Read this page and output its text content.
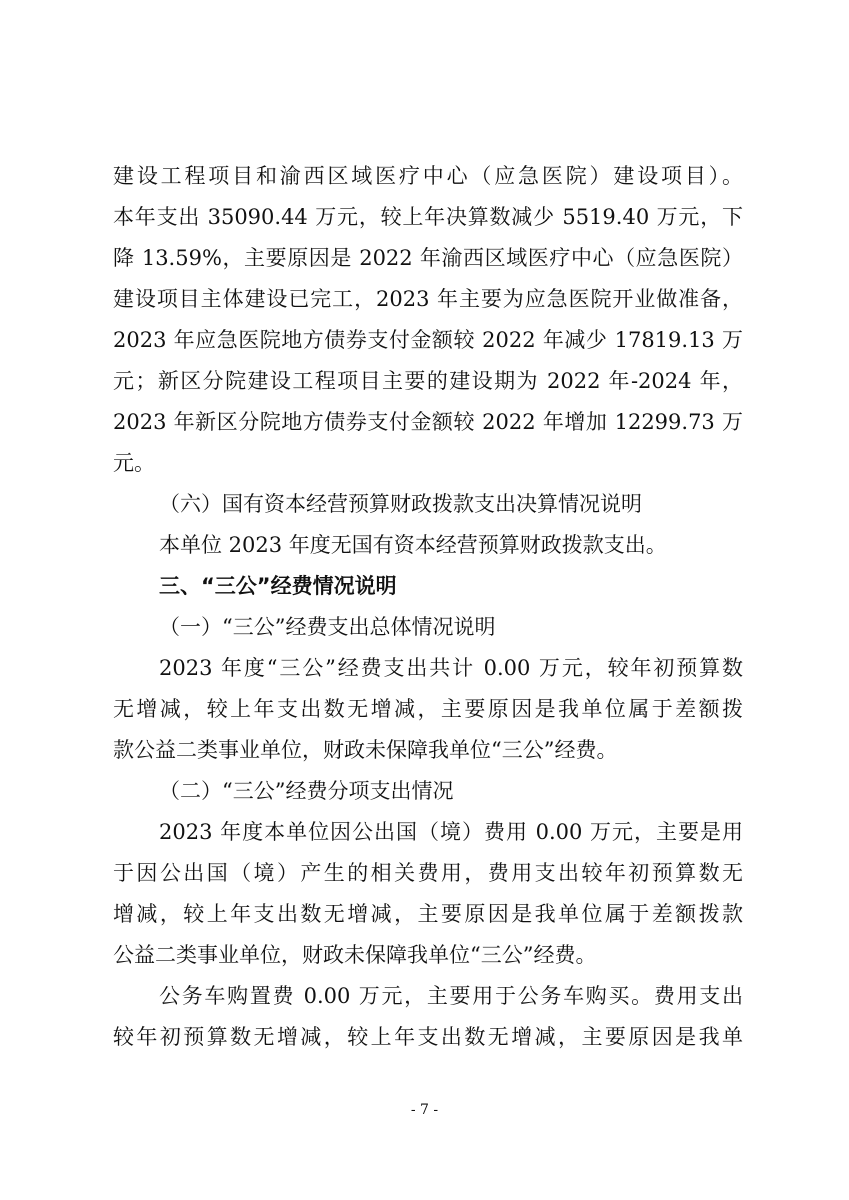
建设工程项目和渝西区域医疗中心（应急医院）建设项目）。
本年支出 35090.44 万元，较上年决算数减少 5519.40 万元，下
降 13.59%，主要原因是 2022 年渝西区域医疗中心（应急医院）
建设项目主体建设已完工，2023 年主要为应急医院开业做准备，
2023 年应急医院地方债券支付金额较 2022 年减少 17819.13 万
元；新区分院建设工程项目主要的建设期为 2022 年-2024 年，
2023 年新区分院地方债券支付金额较 2022 年增加 12299.73 万
元。
（六）国有资本经营预算财政拨款支出决算情况说明
本单位 2023 年度无国有资本经营预算财政拨款支出。
三、“三公”经费情况说明
（一）“三公”经费支出总体情况说明
2023 年度“三公”经费支出共计 0.00 万元，较年初预算数
无增减，较上年支出数无增减，主要原因是我单位属于差额拨
款公益二类事业单位，财政未保障我单位“三公”经费。
（二）“三公”经费分项支出情况
2023 年度本单位因公出国（境）费用 0.00 万元，主要是用
于因公出国（境）产生的相关费用，费用支出较年初预算数无
增减，较上年支出数无增减，主要原因是我单位属于差额拨款
公益二类事业单位，财政未保障我单位“三公”经费。
公务车购置费 0.00 万元，主要用于公务车购买。费用支出
较年初预算数无增减，较上年支出数无增减，主要原因是我单
- 7 -
